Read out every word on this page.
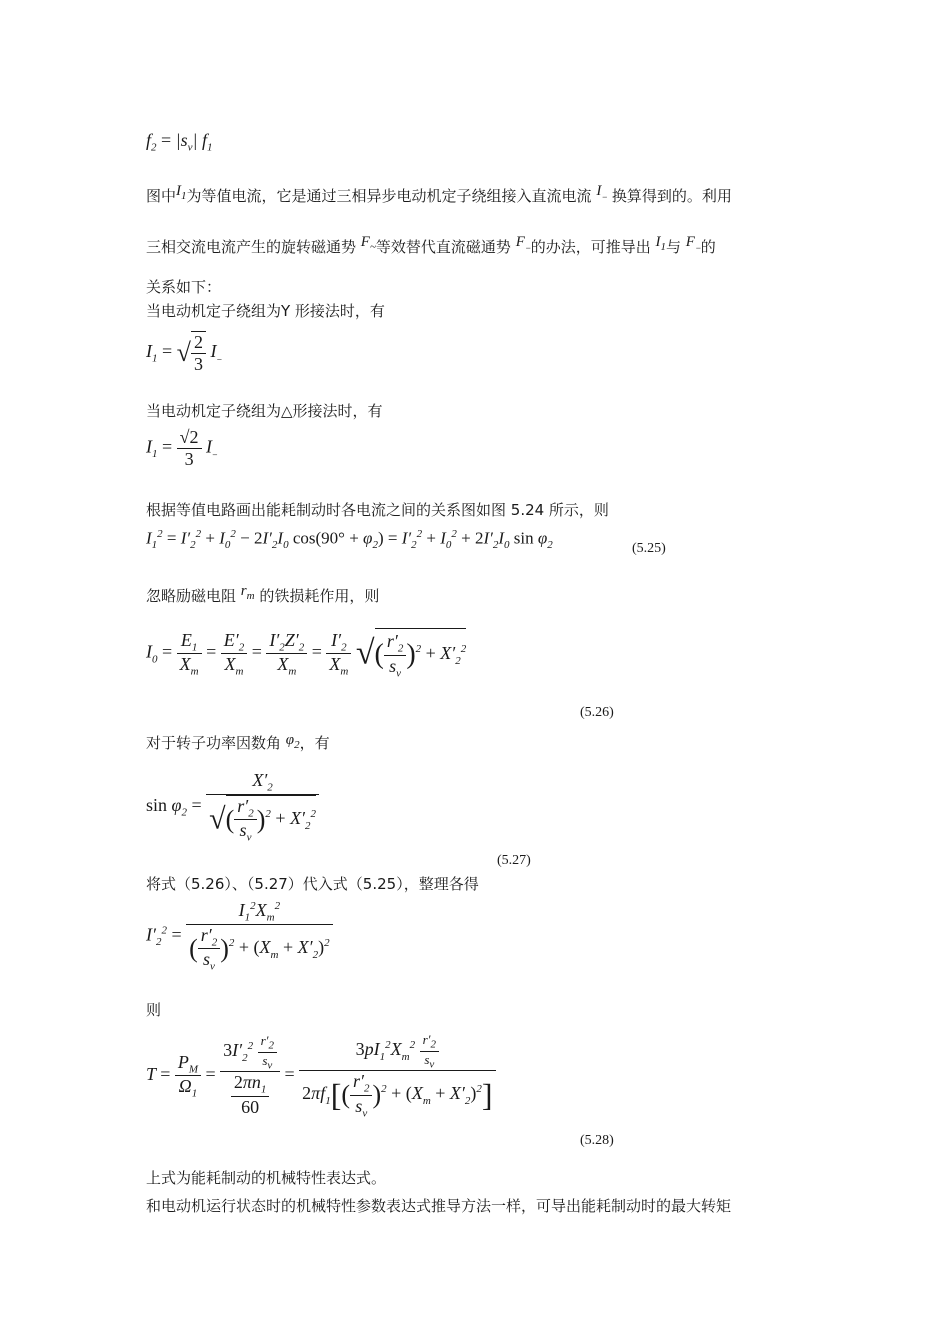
$f_2 = |s_v|$ $f_1$
图中$I_1$为等值电流，它是通过三相异步电动机定子绕组接入直流电流 $I_{_-}$ 换算得到的。利用
三相交流电流产生的旋转磁通势 $F_\sim$等效替代直流磁通势 $F_{_-}$的办法，可推导出 $I_1$与 $F_{_-}$的
关系如下：
当电动机定子绕组为Y 形接法时，有
$I_1$ = √ $\frac{2}{3} I_{_-}$
当电动机定子绕组为△形接法时，有
$I_1 = \frac{√2}{3} I_{_-}$
根据等值电路画出能耗制动时各电流之间的关系图如图 5.24 所示，则
$I_1^2 = I'_2^2 + I_0^2 - 2I'_2I_0$ $\cos(90^\circ + \varphi_2) = I'_2^2 + I_0^2 + 2I'_2I_0$ $\sin \varphi_2$	(5.25)
忽略励磁电阻 $r_m$ 的铁损耗作用，则
$I_0 = \frac{E_1}{X_m} = \frac{E'_2}{X_m} = \frac{I'_2Z'_2}{X_m} = \frac{I'_2}{X_m}$ √( $\frac{r'_2}{s_v} )^2 + X'_2^2$
(5.26)
对于转子功率因数角 $\varphi_2$，有
$\sin \varphi_2 = \frac{X'_2}{√( \frac{r'_2}{s_v} )^2 + X'_2^2}$
(5.27)
将式（5.26）、（5.27）代入式（5.25），整理各得
$I'_2^2 = \frac{I_1^2X_m^2}{( \frac{r'_2}{s_v} )^2 + (X_m + X'_2)^2}$
则
$T = \frac{P_M}{\Omega_1} = \frac{3I'_2^2 \frac{r'_2}{s_v}}{\frac{2\pi n_1}{60}} = \frac{3pI_1^2X_m^2 \frac{r'_2}{s_v}}{2\pi f_1[( \frac{r'_2}{s_v} )^2 + (X_m + X'_2)^2]}$
(5.28)
上式为能耗制动的机械特性表达式。
和电动机运行状态时的机械特性参数表达式推导方法一样，可导出能耗制动时的最大转矩
